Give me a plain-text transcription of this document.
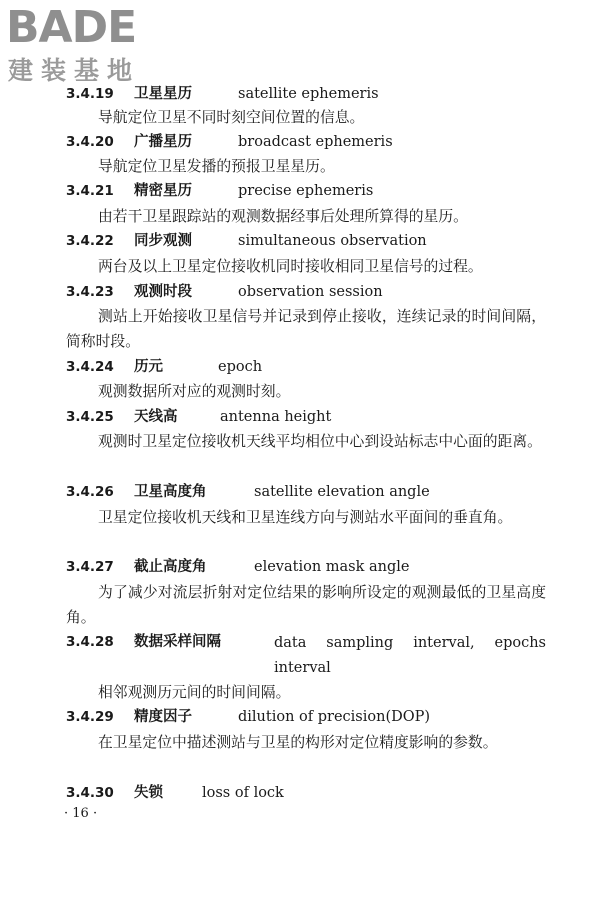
BADE
建装基地
3.4.19 卫星星历	satellite ephemeris
导航定位卫星不同时刻空间位置的信息。
3.4.20 广播星历	broadcast ephemeris
导航定位卫星发播的预报卫星星历。
3.4.21 精密星历	precise ephemeris
由若干卫星跟踪站的观测数据经事后处理所算得的星历。
3.4.22 同步观测	simultaneous observation
两台及以上卫星定位接收机同时接收相同卫星信号的过程。
3.4.23 观测时段	observation session
测站上开始接收卫星信号并记录到停止接收，连续记录的时间间隔，简称时段。
3.4.24 历元	epoch
观测数据所对应的观测时刻。
3.4.25 天线高	antenna height
观测时卫星定位接收机天线平均相位中心到设站标志中心面的距离。
3.4.26 卫星高度角	satellite elevation angle
卫星定位接收机天线和卫星连线方向与测站水平面间的垂直角。
3.4.27 截止高度角	elevation mask angle
为了减少对流层折射对定位结果的影响所设定的观测最低的卫星高度角。
3.4.28 数据采样间隔	data sampling interval, epochs interval
相邻观测历元间的时间间隔。
3.4.29 精度因子	dilution of precision(DOP)
在卫星定位中描述测站与卫星的构形对定位精度影响的参数。
3.4.30 失锁	loss of lock
· 16 ·
